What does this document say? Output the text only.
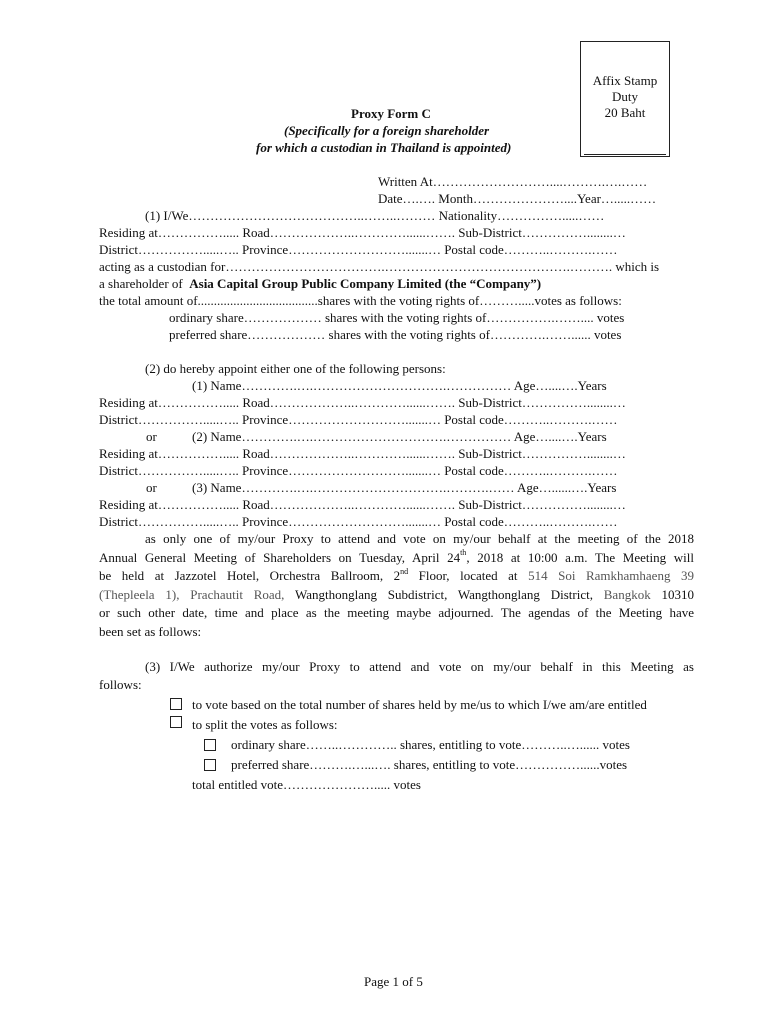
Affix Stamp
Duty
20 Baht
Proxy Form C
(Specifically for a foreign shareholder
for which a custodian in Thailand is appointed)
Written At………………………....……….….……
Date….…. Month…………………....Year….....……
(1) I/We…………………………………..……..……… Nationality…………….....……
Residing at……………..... Road………………..…………......……. Sub-District……………........…
District…………….....….. Province……………………….......… Postal code………..……….……
acting as a custodian for……………………………….…………………………………….………. which is
a shareholder of Asia Capital Group Public Company Limited (the “Company”)
the total amount of.....................................shares with the voting rights of……….....votes as follows:
ordinary share……………… shares with the voting rights of…………….…….... votes
preferred share……………… shares with the voting rights of………….……...... votes
(2) do hereby appoint either one of the following persons:
(1) Name………….….………………………….…………… Age…....….Years
Residing at……………..... Road………………..…………......……. Sub-District……………........…
District…………….....….. Province……………………….......… Postal code………..……….……
or	(2) Name………….….………………………….…………… Age…....….Years
Residing at……………..... Road………………..…………......……. Sub-District……………........…
District…………….....….. Province……………………….......… Postal code………..……….……
or	(3) Name………….….………………………….……….…… Age…......….Years
Residing at……………..... Road………………..…………......……. Sub-District……………........…
District…………….....….. Province……………………….......… Postal code………..……….……
as only one of my/our Proxy to attend and vote on my/our behalf at the meeting of the 2018
Annual General Meeting of Shareholders on Tuesday, April 24th, 2018 at 10:00 a.m. The Meeting will
be held at Jazzotel Hotel, Orchestra Ballroom, 2nd Floor, located at 514 Soi Ramkhamhaeng 39
(Thepleela 1), Prachautit Road, Wangthonglang Subdistrict, Wangthonglang District, Bangkok 10310
or such other date, time and place as the meeting maybe adjourned. The agendas of the Meeting have
been set as follows:
(3) I/We authorize my/our Proxy to attend and vote on my/our behalf in this Meeting as
follows:
to vote based on the total number of shares held by me/us to which I/we am/are entitled
to split the votes as follows:
ordinary share……..………….. shares, entitling to vote………..…...... votes
preferred share……….…...…. shares, entitling to vote……………......votes
total entitled vote…………………..... votes
Page 1 of 5
